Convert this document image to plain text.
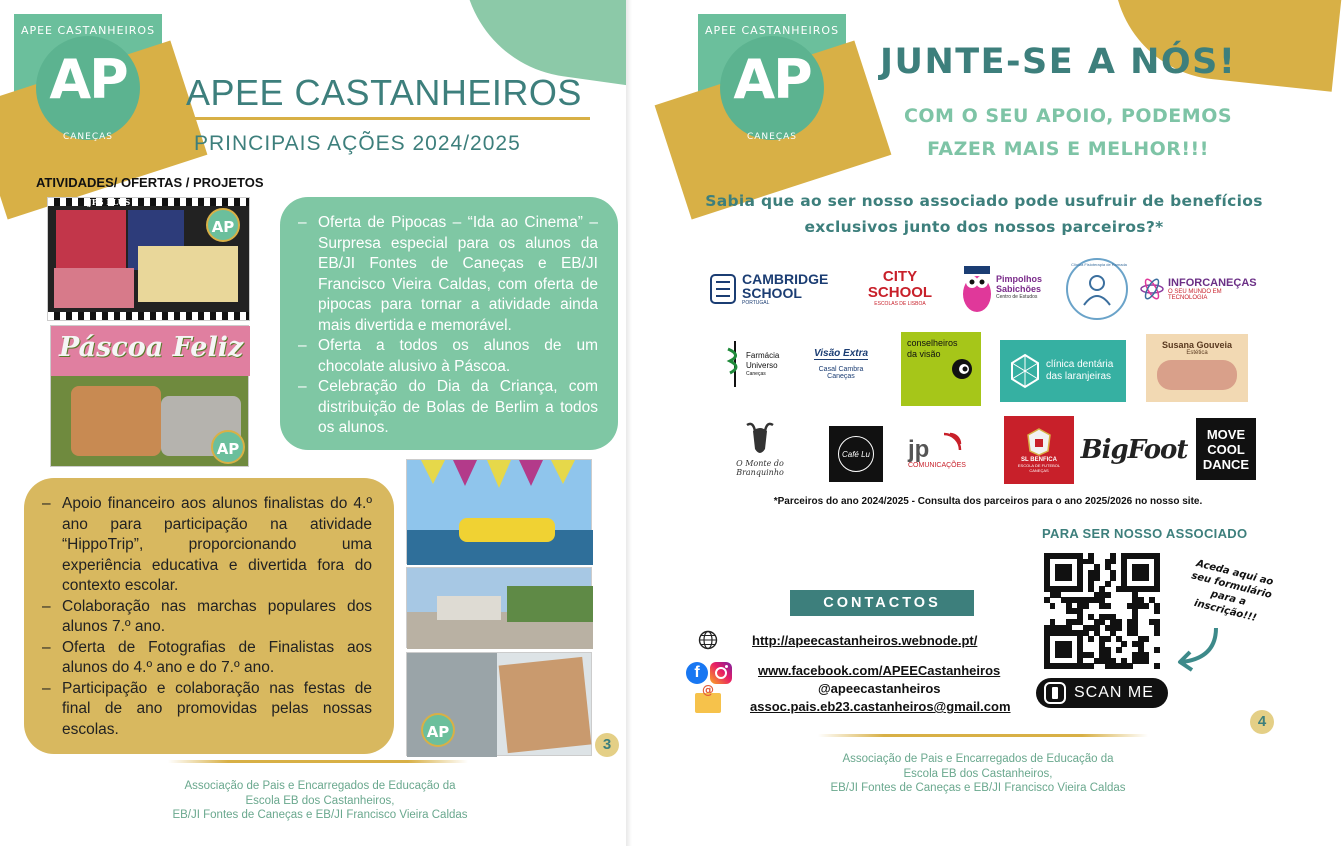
APEE CASTANHEIROS
AP
CANEÇAS
APEE CASTANHEIROS
PRINCIPAIS AÇÕES 2024/2025
ATIVIDADES/ OFERTAS / PROJETOS
JPS PLUS
AP
Páscoa Feliz
AP
– Oferta de Pipocas – “Ida ao Cinema” – Surpresa especial para os alunos da EB/JI Fontes de Caneças e EB/JI Francisco Vieira Caldas, com oferta de pipocas para tornar a atividade ainda mais divertida e memorável.
– Oferta a todos os alunos de um chocolate alusivo à Páscoa.
– Celebração do Dia da Criança, com distribuição de Bolas de Berlim a todos os alunos.
– Apoio financeiro aos alunos finalistas do 4.º ano para participação na atividade “HippoTrip”, proporcionando uma experiência educativa e divertida fora do contexto escolar.
– Colaboração nas marchas populares dos alunos 7.º ano.
– Oferta de Fotografias de Finalistas aos alunos do 4.º ano e do 7.º ano.
– Participação e colaboração nas festas de final de ano promovidas pelas nossas escolas.	AP
3
Associação de Pais e Encarregados de Educação da
Escola EB dos Castanheiros,
EB/JI Fontes de Caneças e EB/JI Francisco Vieira Caldas
APEE CASTANHEIROS
AP
CANEÇAS
JUNTE-SE A NÓS!
COM O SEU APOIO, PODEMOS
FAZER MAIS E MELHOR!!!
Sabia que ao ser nosso associado pode usufruir de benefícios
exclusivos junto dos nossos parceiros?*
CAMBRIDGE SCHOOL
PORTUGAL
CITY SCHOOL
ESCOLAS DE LISBOA
Pimpolhos Sabichões
Centro de Estudos
Clínica Fisioterapia de Ramada
INFORCANEÇAS
O SEU MUNDO EM TECNOLOGIA
Farmácia Universo
Caneças
Visão Extra
Casal Cambra Caneças
conselheiros da visão
clínica dentária das laranjeiras
Susana Gouveia
Estética
O Monte do Branquinho
Café Lu jp
COMUNICAÇÕES
SL BENFICA
ESCOLA DE FUTEBOL CANEÇAS
BigFoot
MOVE
COOL
DANCE
*Parceiros do ano 2024/2025 - Consulta dos parceiros para o ano 2025/2026 no nosso site.
PARA SER NOSSO ASSOCIADO
SCAN ME
Aceda aqui ao seu formulário para a inscrição!!!
CONTACTOS
http://apeecastanheiros.webnode.pt/
f	www.facebook.com/APEECastanheiros
@apeecastanheiros
@
assoc.pais.eb23.castanheiros@gmail.com
4
Associação de Pais e Encarregados de Educação da
Escola EB dos Castanheiros,
EB/JI Fontes de Caneças e EB/JI Francisco Vieira Caldas
